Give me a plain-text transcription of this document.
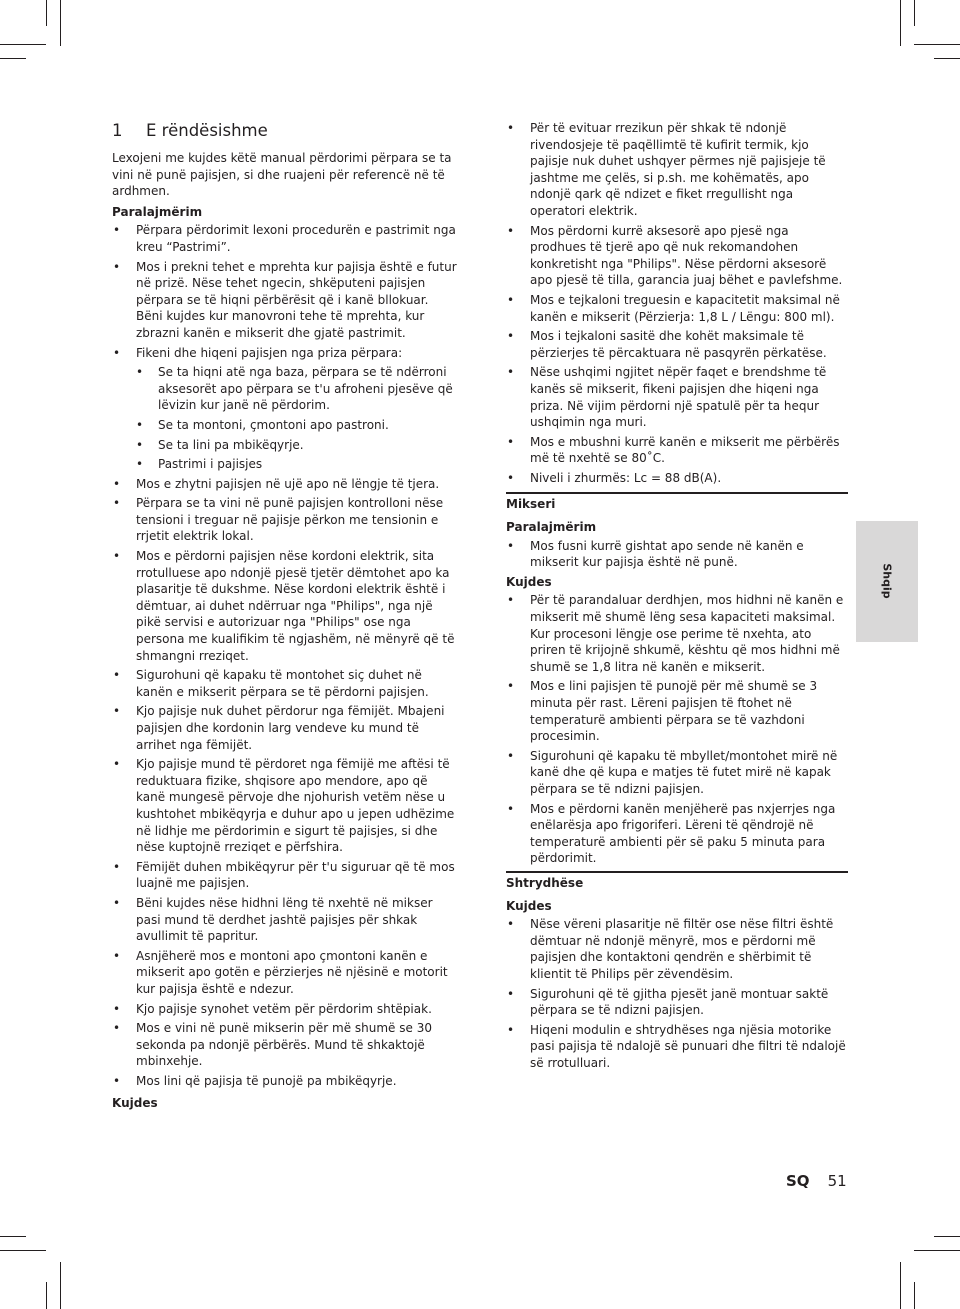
1	E rëndësishme

Lexojeni me kujdes këtë manual përdorimi përpara se ta vini në punë pajisjen, si dhe ruajeni për referencë në të ardhmen.

Paralajmërim
• Përpara përdorimit lexoni procedurën e pastrimit nga kreu “Pastrimi”.
• Mos i prekni tehet e mprehta kur pajisja është e futur në prizë. Nëse tehet ngecin, shkëputeni pajisjen përpara se të hiqni përbërësit që i kanë bllokuar. Bëni kujdes kur manovroni tehe të mprehta, kur zbrazni kanën e mikserit dhe gjatë pastrimit.
• Fikeni dhe hiqeni pajisjen nga priza përpara:
• Se ta hiqni atë nga baza, përpara se të ndërroni aksesorët apo përpara se t'u afroheni pjesëve që lëvizin kur janë në përdorim.
• Se ta montoni, çmontoni apo pastroni.
• Se ta lini pa mbikëqyrje.
• Pastrimi i pajisjes
• Mos e zhytni pajisjen në ujë apo në lëngje të tjera.
• Përpara se ta vini në punë pajisjen kontrolloni nëse tensioni i treguar në pajisje përkon me tensionin e rrjetit elektrik lokal.
• Mos e përdorni pajisjen nëse kordoni elektrik, sita rrotulluese apo ndonjë pjesë tjetër dëmtohet apo ka plasaritje të dukshme. Nëse kordoni elektrik është i dëmtuar, ai duhet ndërruar nga "Philips", nga një pikë servisi e autorizuar nga "Philips" ose nga persona me kualifikim të ngjashëm, në mënyrë që të shmangni rreziqet.
• Sigurohuni që kapaku të montohet siç duhet në kanën e mikserit përpara se të përdorni pajisjen.
• Kjo pajisje nuk duhet përdorur nga fëmijët. Mbajeni pajisjen dhe kordonin larg vendeve ku mund të arrihet nga fëmijët.
• Kjo pajisje mund të përdoret nga fëmijë me aftësi të reduktuara fizike, shqisore apo mendore, apo që kanë mungesë përvoje dhe njohurish vetëm nëse u kushtohet mbikëqyrja e duhur apo u jepen udhëzime në lidhje me përdorimin e sigurt të pajisjes, si dhe nëse kuptojnë rreziqet e përfshira.
• Fëmijët duhen mbikëqyrur për t'u siguruar që të mos luajnë me pajisjen.
• Bëni kujdes nëse hidhni lëng të nxehtë në mikser pasi mund të derdhet jashtë pajisjes për shkak avullimit të papritur.
• Asnjëherë mos e montoni apo çmontoni kanën e mikserit apo gotën e përzierjes në njësinë e motorit kur pajisja është e ndezur.
• Kjo pajisje synohet vetëm për përdorim shtëpiak.
• Mos e vini në punë mikserin për më shumë se 30 sekonda pa ndonjë përbërës. Mund të shkaktojë mbinxehje.
• Mos lini që pajisja të punojë pa mbikëqyrje.
Kujdes
• Për të evituar rrezikun për shkak të ndonjë rivendosjeje të paqëllimtë të kufirit termik, kjo pajisje nuk duhet ushqyer përmes një pajisjeje të jashtme me çelës, si p.sh. me kohëmatës, apo ndonjë qark që ndizet e fiket rregullisht nga operatori elektrik.
• Mos përdorni kurrë aksesorë apo pjesë nga prodhues të tjerë apo që nuk rekomandohen konkretisht nga "Philips". Nëse përdorni aksesorë apo pjesë të tilla, garancia juaj bëhet e pavlefshme.
• Mos e tejkaloni treguesin e kapacitetit maksimal në kanën e mikserit (Përzierja: 1,8 L / Lëngu: 800 ml).
• Mos i tejkaloni sasitë dhe kohët maksimale të përzierjes të përcaktuara në pasqyrën përkatëse.
• Nëse ushqimi ngjitet nëpër faqet e brendshme të kanës së mikserit, fikeni pajisjen dhe hiqeni nga priza. Në vijim përdorni një spatulë për ta hequr ushqimin nga muri.
• Mos e mbushni kurrë kanën e mikserit me përbërës më të nxehtë se 80˚C.
• Niveli i zhurmës: Lc = 88 dB(A).
Mikseri
Paralajmërim
• Mos fusni kurrë gishtat apo sende në kanën e mikserit kur pajisja është në punë.
Kujdes
• Për të parandaluar derdhjen, mos hidhni në kanën e mikserit më shumë lëng sesa kapaciteti maksimal. Kur procesoni lëngje ose perime të nxehta, ato priren të krijojnë shkumë, kështu që mos hidhni më shumë se 1,8 litra në kanën e mikserit.
• Mos e lini pajisjen të punojë për më shumë se 3 minuta për rast. Lëreni pajisjen të ftohet në temperaturë ambienti përpara se të vazhdoni procesimin.
• Sigurohuni që kapaku të mbyllet/montohet mirë në kanë dhe që kupa e matjes të futet mirë në kapak përpara se të ndizni pajisjen.
• Mos e përdorni kanën menjëherë pas nxjerrjes nga enëlarësja apo frigoriferi. Lëreni të qëndrojë në temperaturë ambienti për së paku 5 minuta para përdorimit.
Shtrydhëse
Kujdes
• Nëse vëreni plasaritje në filtër ose nëse filtri është dëmtuar në ndonjë mënyrë, mos e përdorni më pajisjen dhe kontaktoni qendrën e shërbimit të klientit të Philips për zëvendësim.
• Sigurohuni që të gjitha pjesët janë montuar saktë përpara se të ndizni pajisjen.
• Hiqeni modulin e shtrydhëses nga njësia motorike pasi pajisja të ndalojë së punuari dhe filtri të ndalojë së rrotulluari.
Shqip
SQ 51
